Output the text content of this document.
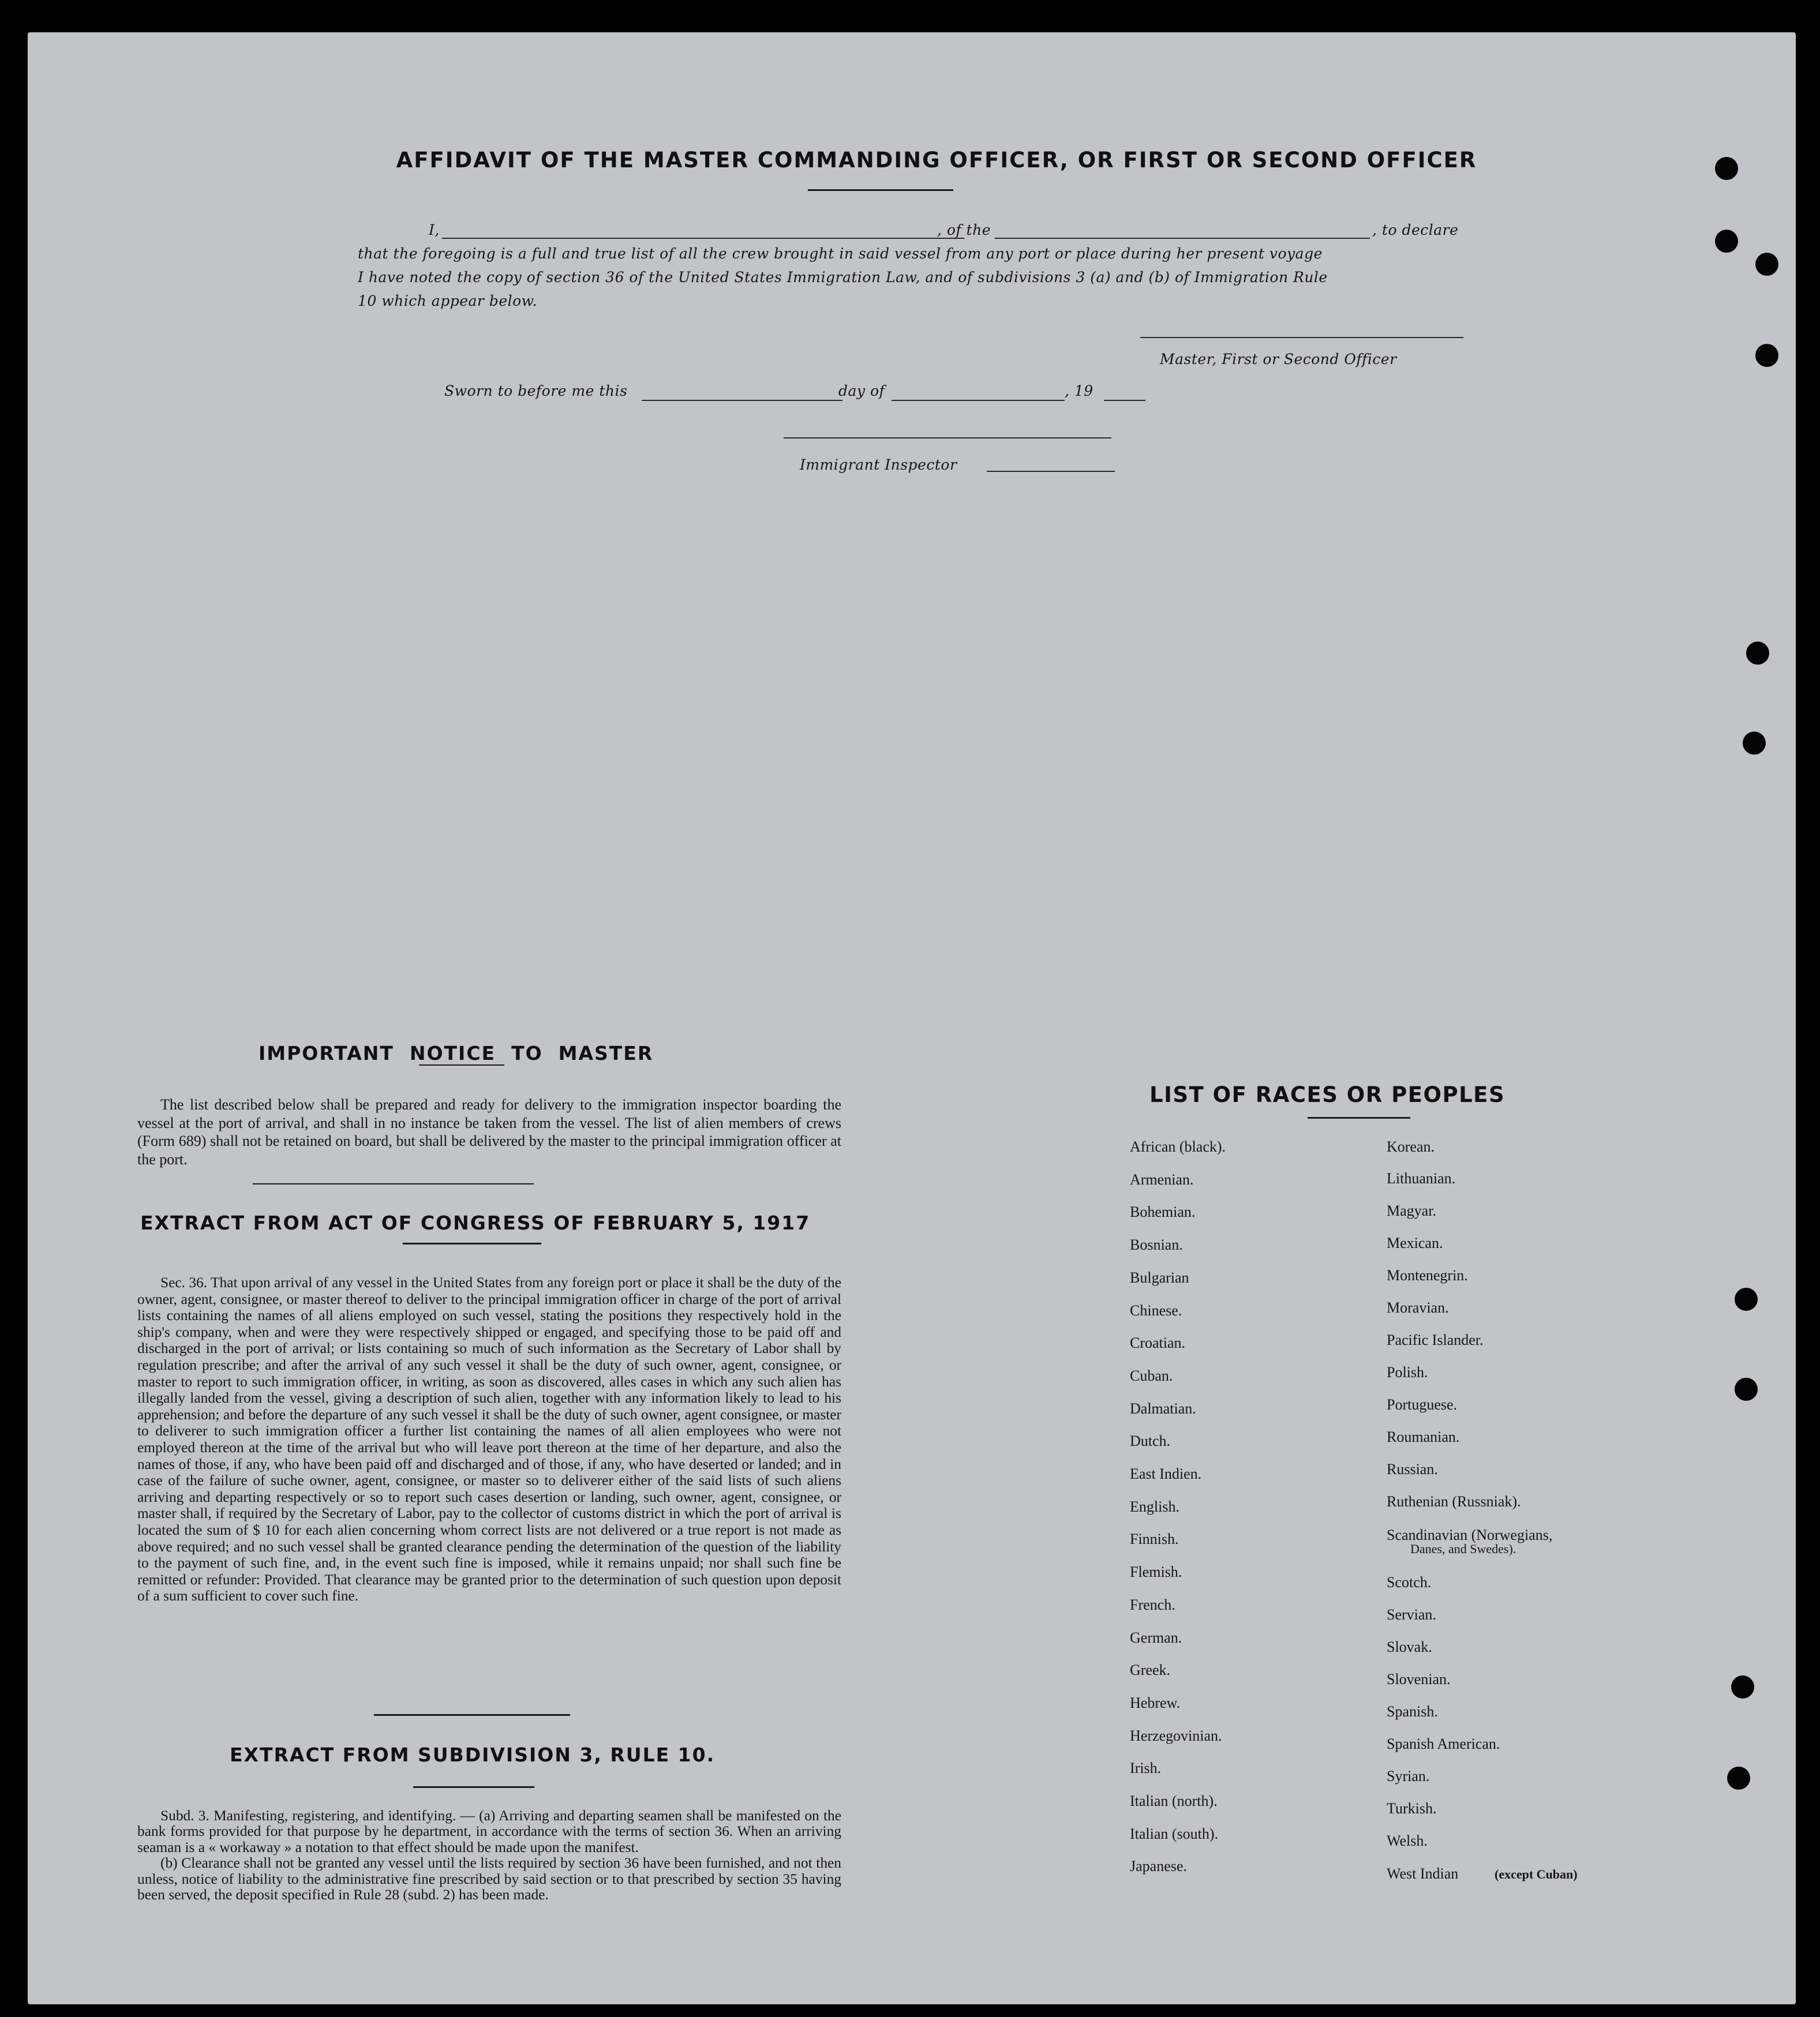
AFFIDAVIT OF THE MASTER COMMANDING OFFICER, OR FIRST OR SECOND OFFICER
I,	, of the	, to declare
that the foregoing is a full and true list of all the crew brought in said vessel from any port or place during her present voyage
I have noted the copy of section 36 of the United States Immigration Law, and of subdivisions 3 (a) and (b) of Immigration Rule
10 which appear below.
Master, First or Second Officer
Sworn to before me this	day of	, 19
Immigrant Inspector
IMPORTANT  NOTICE  TO  MASTER

The list described below shall be prepared and ready for delivery to the immigration inspector boarding the vessel at the port of arrival, and shall in no instance be taken from the vessel. The list of alien members of crews (Form 689) shall not be retained on board, but shall be delivered by the master to the principal immigration officer at the port.

EXTRACT FROM ACT OF CONGRESS OF FEBRUARY 5, 1917

Sec. 36. That upon arrival of any vessel in the United States from any foreign port or place it shall be the duty of the owner, agent, consignee, or master thereof to deliver to the principal immigration officer in charge of the port of arrival lists containing the names of all aliens employed on such vessel, stating the positions they respectively hold in the ship's company, when and were they were respectively shipped or engaged, and specifying those to be paid off and discharged in the port of arrival; or lists containing so much of such information as the Secretary of Labor shall by regulation prescribe; and after the arrival of any such vessel it shall be the duty of such owner, agent, consignee, or master to report to such immigration officer, in writing, as soon as discovered, alles cases in which any such alien has illegally landed from the vessel, giving a description of such alien, together with any information likely to lead to his apprehension; and before the departure of any such vessel it shall be the duty of such owner, agent consignee, or master to deliverer to such immigration officer a further list containing the names of all alien employees who were not employed thereon at the time of the arrival but who will leave port thereon at the time of her departure, and also the names of those, if any, who have been paid off and discharged and of those, if any, who have deserted or landed; and in case of the failure of suche owner, agent, consignee, or master so to deliverer either of the said lists of such aliens arriving and departing respectively or so to report such cases desertion or landing, such owner, agent, consignee, or master shall, if required by the Secretary of Labor, pay to the collector of customs district in which the port of arrival is located the sum of $ 10 for each alien concerning whom correct lists are not delivered or a true report is not made as above required; and no such vessel shall be granted clearance pending the determination of the question of the liability to the payment of such fine, and, in the event such fine is imposed, while it remains unpaid; nor shall such fine be remitted or refunder: Provided. That clearance may be granted prior to the determination of such question upon deposit of a sum sufficient to cover such fine.

EXTRACT FROM SUBDIVISION 3, RULE 10.

Subd. 3. Manifesting, registering, and identifying. — (a) Arriving and departing seamen shall be manifested on the bank forms provided for that purpose by he department, in accordance with the terms of section 36. When an arriving seaman is a « workaway » a notation to that effect should be made upon the manifest.

(b) Clearance shall not be granted any vessel until the lists required by section 36 have been furnished, and not then unless, notice of liability to the administrative fine prescribed by said section or to that prescribed by section 35 having been served, the deposit specified in Rule 28 (subd. 2) has been made.

LIST OF RACES OR PEOPLES
African (black).
Armenian.
Bohemian.
Bosnian.
Bulgarian
Chinese.
Croatian.
Cuban.
Dalmatian.
Dutch.
East Indien.
English.
Finnish.
Flemish.
French.
German.
Greek.
Hebrew.
Herzegovinian.
Irish.
Italian (north).
Italian (south).
Japanese.
Korean.
Lithuanian.
Magyar.
Mexican.
Montenegrin.
Moravian.
Pacific Islander.
Polish.
Portuguese.
Roumanian.
Russian.
Ruthenian (Russniak).
Scandinavian (Norwegians,
Danes, and Swedes).
Scotch.
Servian.
Slovak.
Slovenian.
Spanish.
Spanish American.
Syrian.
Turkish.
Welsh.
West Indian	(except Cuban)
